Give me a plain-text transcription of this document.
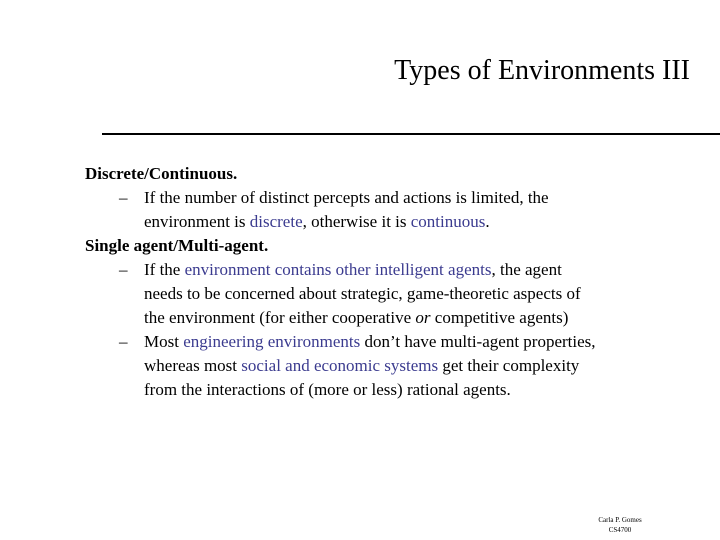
Types of Environments III
Discrete/Continuous.
– If the number of distinct percepts and actions is limited, the
environment is discrete, otherwise it is continuous.
Single agent/Multi-agent.
– If the environment contains other intelligent agents, the agent
needs to be concerned about strategic, game-theoretic aspects of
the environment (for either cooperative or competitive agents)
– Most engineering environments don’t have multi-agent properties,
whereas most social and economic systems get their complexity
from the interactions of (more or less) rational agents.
Carla P. Gomes
CS4700
